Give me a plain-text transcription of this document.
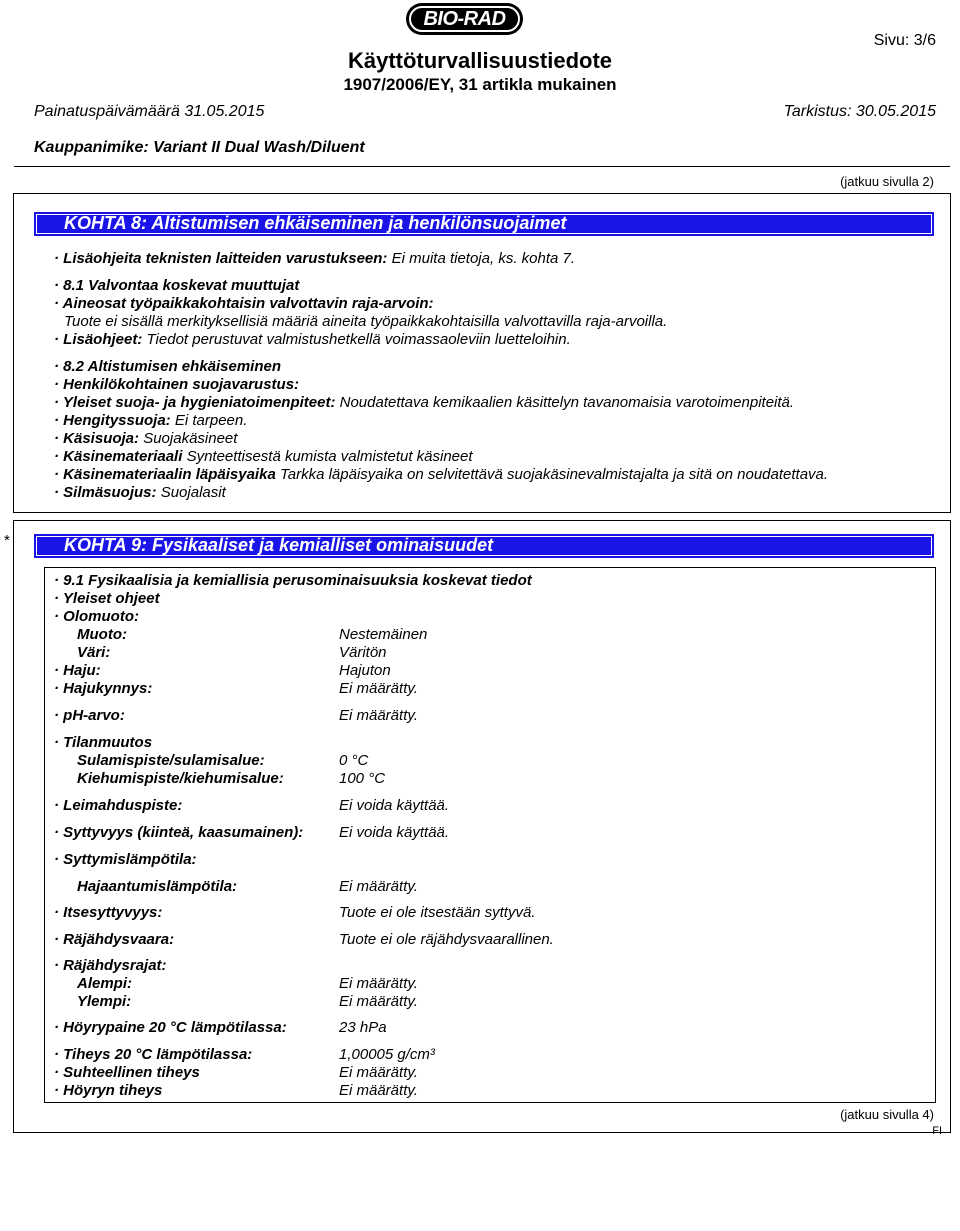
BIO-RAD
Käyttöturvallisuustiedote
1907/2006/EY, 31 artikla mukainen
Sivu: 3/6
Painatuspäivämäärä 31.05.2015	Tarkistus: 30.05.2015
Kauppanimike: Variant II Dual Wash/Diluent
(jatkuu sivulla 2)
KOHTA 8: Altistumisen ehkäiseminen ja henkilönsuojaimet
· Lisäohjeita teknisten laitteiden varustukseen: Ei muita tietoja, ks. kohta 7.
· 8.1 Valvontaa koskevat muuttujat
· Aineosat työpaikkakohtaisin valvottavin raja-arvoin:
Tuote ei sisällä merkityksellisiä määriä aineita työpaikkakohtaisilla valvottavilla raja-arvoilla.
· Lisäohjeet: Tiedot perustuvat valmistushetkellä voimassaoleviin luetteloihin.
· 8.2 Altistumisen ehkäiseminen
· Henkilökohtainen suojavarustus:
· Yleiset suoja- ja hygieniatoimenpiteet: Noudatettava kemikaalien käsittelyn tavanomaisia varotoimenpiteitä.
· Hengityssuoja: Ei tarpeen.
· Käsisuoja: Suojakäsineet
· Käsinemateriaali Synteettisestä kumista valmistetut käsineet
· Käsinemateriaalin läpäisyaika Tarkka läpäisyaika on selvitettävä suojakäsinevalmistajalta ja sitä on noudatettava.
· Silmäsuojus: Suojalasit
*	KOHTA 9: Fysikaaliset ja kemialliset ominaisuudet
· 9.1 Fysikaalisia ja kemiallisia perusominaisuuksia koskevat tiedot
· Yleiset ohjeet
· Olomuoto:
Muoto:	Nestemäinen
Väri:	Väritön
· Haju:	Hajuton
· Hajukynnys:	Ei määrätty.
· pH-arvo:	Ei määrätty.
· Tilanmuutos
Sulamispiste/sulamisalue:	0 °C
Kiehumispiste/kiehumisalue:	100 °C
· Leimahduspiste:	Ei voida käyttää.
· Syttyvyys (kiinteä, kaasumainen): Ei voida käyttää.
· Syttymislämpötila:
Hajaantumislämpötila:	Ei määrätty.
· Itsesyttyvyys:	Tuote ei ole itsestään syttyvä.
· Räjähdysvaara:	Tuote ei ole räjähdysvaarallinen.
· Räjähdysrajat:
Alempi:	Ei määrätty.
Ylempi:	Ei määrätty.
· Höyrypaine 20 °C lämpötilassa:	23 hPa
· Tiheys 20 °C lämpötilassa:	1,00005 g/cm³
· Suhteellinen tiheys	Ei määrätty.
· Höyryn tiheys	Ei määrätty.
(jatkuu sivulla 4)
FI
